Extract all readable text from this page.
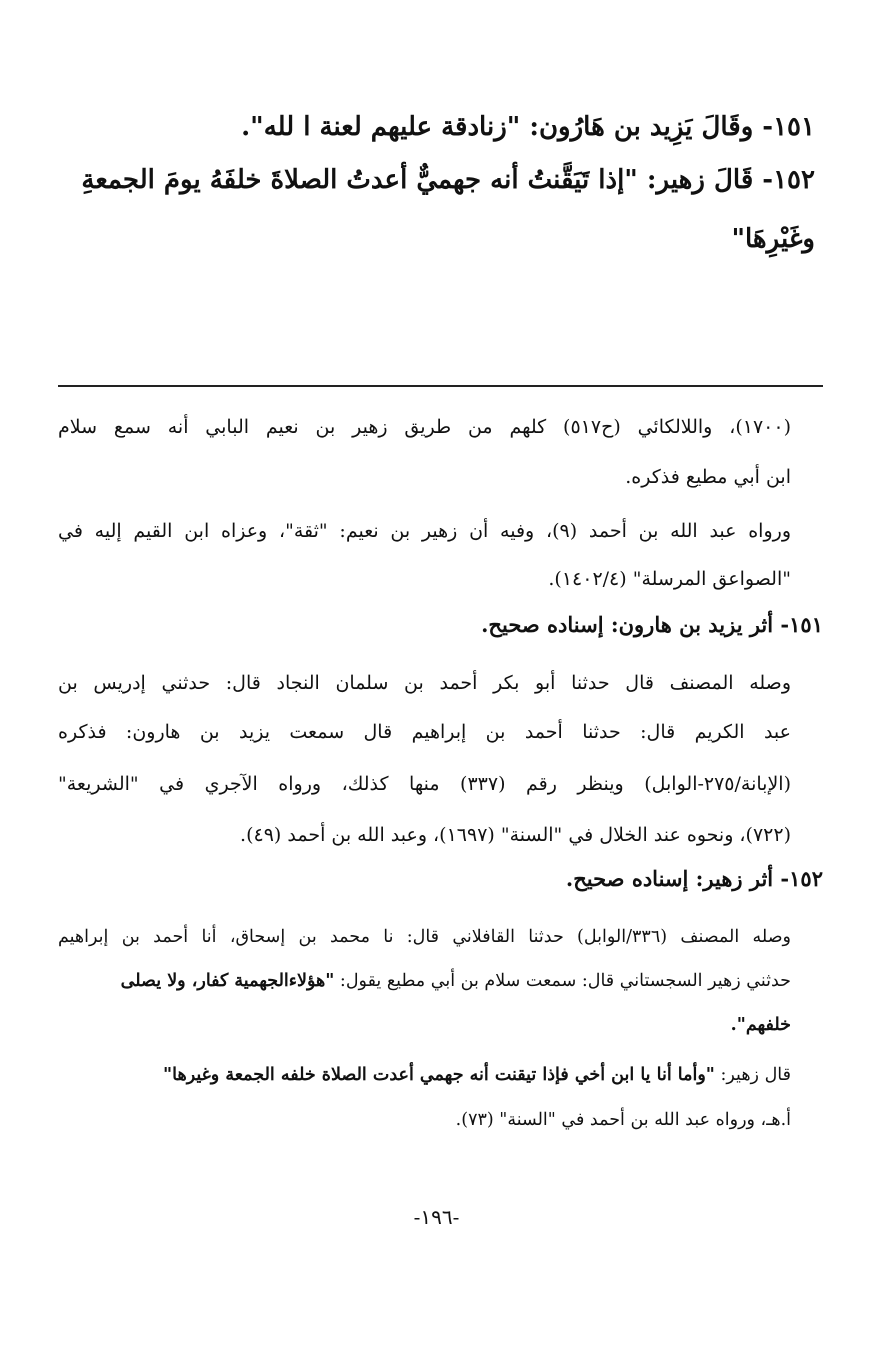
١٥١- وقَالَ يَزِيد بن هَارُون: "زنادقة عليهم لعنة ا لله".
١٥٢- قَالَ زهير: "إذا تَيَقَّنتُ أنه جهميٌّ أعدتُ الصلاةَ خلفَهُ يومَ الجمعةِ
وغَيْرِهَا"
(١٧٠٠)، واللالكائي (ح٥١٧) كلهم من طريق زهير بن نعيم البابي أنه سمع سلام
ابن أبي مطيع فذكره.
ورواه عبد الله بن أحمد (٩)، وفيه أن زهير بن نعيم: "ثقة"، وعزاه ابن القيم إليه في
"الصواعق المرسلة" (١٤٠٢/٤).
١٥١- أثر يزيد بن هارون: إسناده صحيح.
وصله المصنف قال حدثنا أبو بكر أحمد بن سلمان النجاد قال: حدثني إدريس بن
عبد الكريم قال: حدثنا أحمد بن إبراهيم قال سمعت يزيد بن هارون: فذكره
(الإبانة/٢٧٥-الوابل) وينظر رقم (٣٣٧) منها كذلك، ورواه الآجري في "الشريعة"
(٧٢٢)، ونحوه عند الخلال في "السنة" (١٦٩٧)، وعبد الله بن أحمد (٤٩).
١٥٢- أثر زهير: إسناده صحيح.
وصله المصنف (٣٣٦/الوابل) حدثنا القافلاني قال: نا محمد بن إسحاق، أنا أحمد بن إبراهيم
حدثني زهير السجستاني قال: سمعت سلام بن أبي مطيع يقول: "هؤلاءالجهمية كفار، ولا يصلى
خلفهم".
قال زهير: "وأما أنا يا ابن أخي فإذا تيقنت أنه جهمي أعدت الصلاة خلفه الجمعة وغيرها"
أ.هـ، ورواه عبد الله بن أحمد في "السنة" (٧٣).
-١٩٦-
